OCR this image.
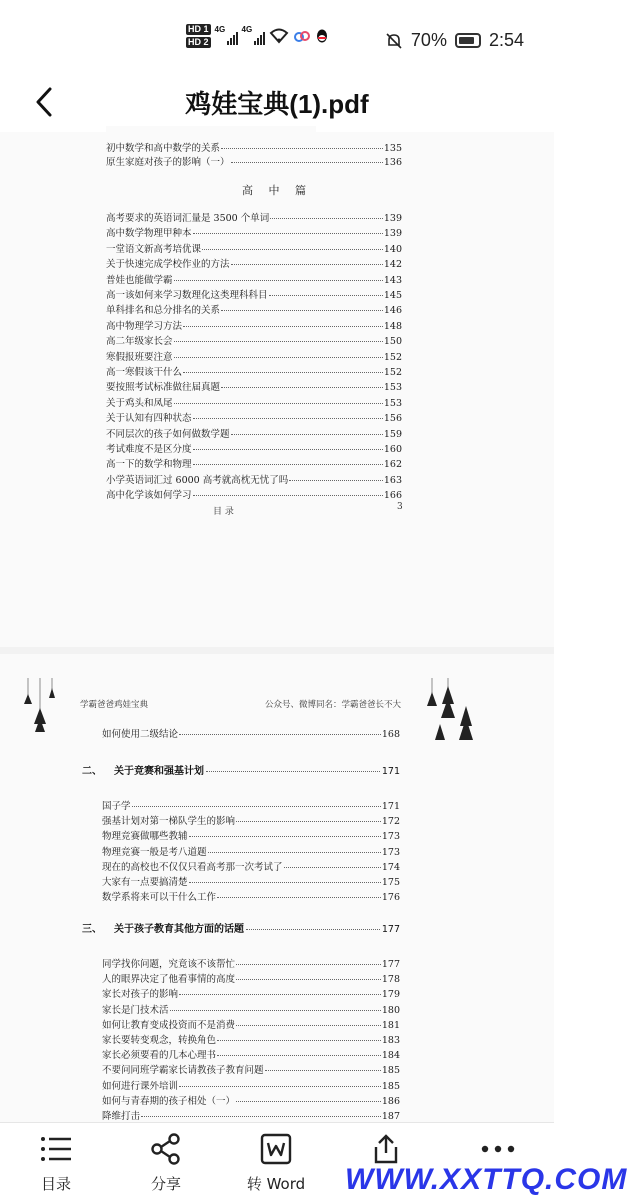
HD 1
HD 2
4G 4G
70% 2:54
鸡娃宝典(1).pdf
初中数学和高中数学的关系	135
原生家庭对孩子的影响（一）	136
高 中 篇
高考要求的英语词汇量是 3500 个单词	139
高中数学物理甲种本	139
一堂语文新高考培优课	140
关于快速完成学校作业的方法	142
普娃也能做学霸	143
高一该如何来学习数理化这类理科科目	145
单科排名和总分排名的关系	146
高中物理学习方法	148
高二年级家长会	150
寒假报班要注意	152
高一寒假该干什么	152
要按照考试标准做往届真题	153
关于鸡头和凤尾	153
关于认知有四种状态	156
不同层次的孩子如何做数学题	159
考试难度不是区分度	160
高一下的数学和物理	162
小学英语词汇过 6000 高考就高枕无忧了吗	163
高中化学该如何学习	166
目 录	3
学霸爸爸鸡娃宝典	公众号、微博同名：学霸爸爸长不大
如何使用二级结论	168
二、 关于竞赛和强基计划	171
国子学	171
强基计划对第一梯队学生的影响	172
物理竞赛做哪些教辅	173
物理竞赛一般是考八道题	173
现在的高校也不仅仅只看高考那一次考试了	174
大家有一点要搞清楚	175
数学系将来可以干什么工作	176
三、 关于孩子教育其他方面的话题	177
同学找你问题，究竟该不该帮忙	177
人的眼界决定了他看事情的高度	178
家长对孩子的影响	179
家长是门技术活	180
如何让教育变成投资而不是消费	181
家长要转变观念，转换角色	183
家长必须要看的几本心理书	184
不要问同班学霸家长请教孩子教育问题	185
如何进行课外培训	185
如何与青春期的孩子相处（一）	186
降维打击	187
目录	分享	转 Word	WWW.XXTTQ.COM
